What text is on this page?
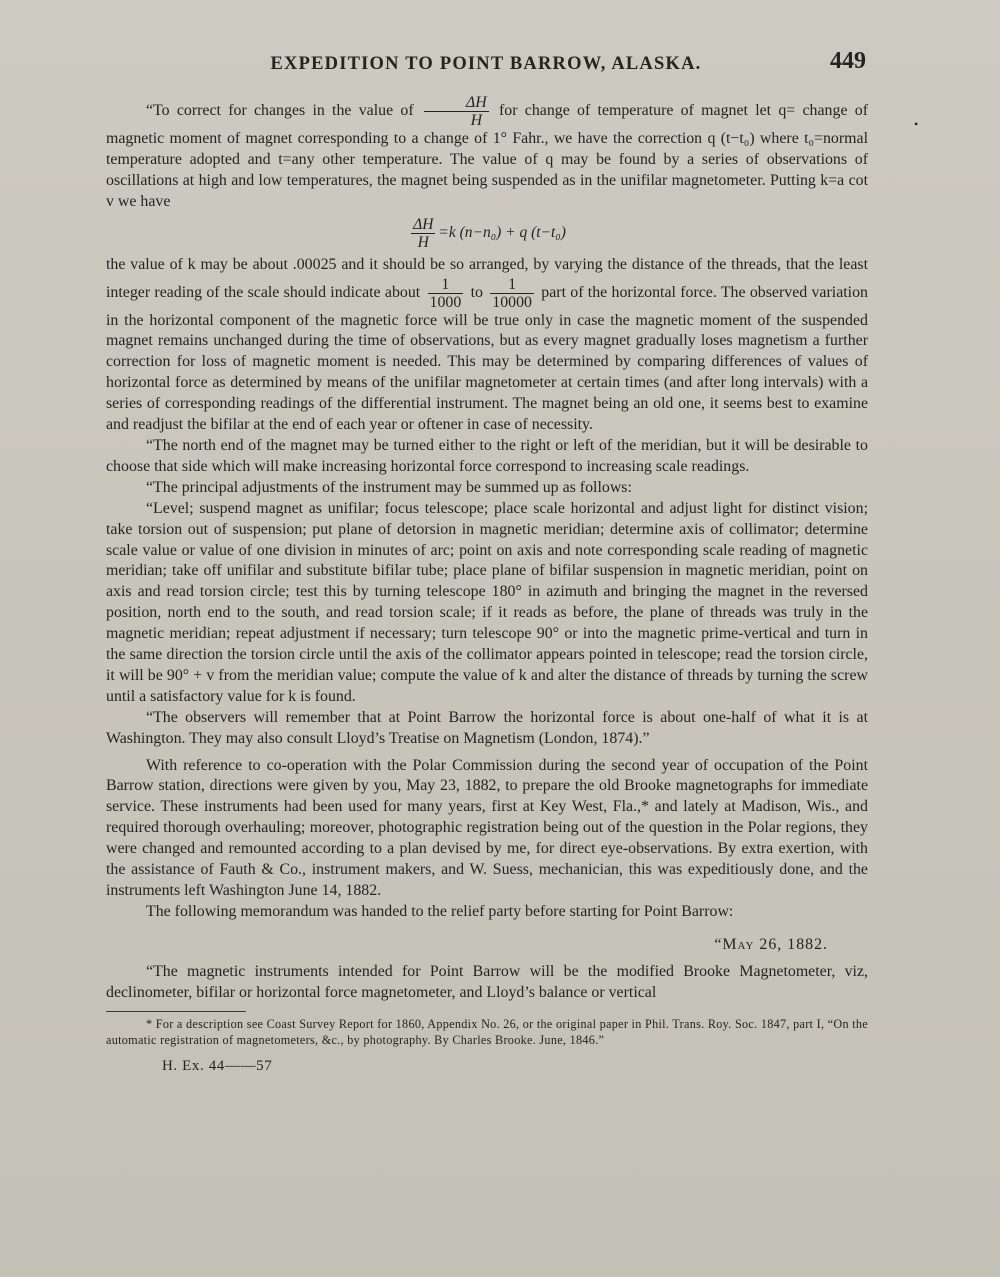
EXPEDITION TO POINT BARROW, ALASKA.	449
•

“To correct for changes in the value of $\frac{\Delta H}{H}$ for change of temperature of magnet let q= change of magnetic moment of magnet corresponding to a change of 1° Fahr., we have the correction q (t−t₀) where t₀=normal temperature adopted and t=any other temperature. The value of q may be found by a series of observations of oscillations at high and low temperatures, the magnet being suspended as in the unifilar magnetometer. Putting k=a cot v we have

$\frac{\Delta H}{H} =k$ (n−n₀) + q (t−t₀)

the value of k may be about .00025 and it should be so arranged, by varying the distance of the threads, that the least integer reading of the scale should indicate about $\frac{1}{1000}$ to $\frac{1}{10000}$ part of the horizontal force. The observed variation in the horizontal component of the magnetic force will be true only in case the magnetic moment of the suspended magnet remains unchanged during the time of observations, but as every magnet gradually loses magnetism a further correction for loss of magnetic moment is needed. This may be determined by comparing differences of values of horizontal force as determined by means of the unifilar magnetometer at certain times (and after long intervals) with a series of corresponding readings of the differential instrument. The magnet being an old one, it seems best to examine and readjust the bifilar at the end of each year or oftener in case of necessity.

“The north end of the magnet may be turned either to the right or left of the meridian, but it will be desirable to choose that side which will make increasing horizontal force correspond to increasing scale readings.

“The principal adjustments of the instrument may be summed up as follows:

“Level; suspend magnet as unifilar; focus telescope; place scale horizontal and adjust light for distinct vision; take torsion out of suspension; put plane of detorsion in magnetic meridian; determine axis of collimator; determine scale value or value of one division in minutes of arc; point on axis and note corresponding scale reading of magnetic meridian; take off unifilar and substitute bifilar tube; place plane of bifilar suspension in magnetic meridian, point on axis and read torsion circle; test this by turning telescope 180° in azimuth and bringing the magnet in the reversed position, north end to the south, and read torsion scale; if it reads as before, the plane of threads was truly in the magnetic meridian; repeat adjustment if necessary; turn telescope 90° or into the magnetic prime-vertical and turn in the same direction the torsion circle until the axis of the collimator appears pointed in telescope; read the torsion circle, it will be 90° + v from the meridian value; compute the value of k and alter the distance of threads by turning the screw until a satisfactory value for k is found.

“The observers will remember that at Point Barrow the horizontal force is about one-half of what it is at Washington. They may also consult Lloyd’s Treatise on Magnetism (London, 1874).”

With reference to co-operation with the Polar Commission during the second year of occupation of the Point Barrow station, directions were given by you, May 23, 1882, to prepare the old Brooke magnetographs for immediate service. These instruments had been used for many years, first at Key West, Fla.,* and lately at Madison, Wis., and required thorough overhauling; moreover, photographic registration being out of the question in the Polar regions, they were changed and remounted according to a plan devised by me, for direct eye-observations. By extra exertion, with the assistance of Fauth & Co., instrument makers, and W. Suess, mechanician, this was expeditiously done, and the instruments left Washington June 14, 1882.

The following memorandum was handed to the relief party before starting for Point Barrow:

“May 26, 1882.

“The magnetic instruments intended for Point Barrow will be the modified Brooke Magnetometer, viz, declinometer, bifilar or horizontal force magnetometer, and Lloyd’s balance or vertical

* For a description see Coast Survey Report for 1860, Appendix No. 26, or the original paper in Phil. Trans. Roy. Soc. 1847, part I, “On the automatic registration of magnetometers, &c., by photography. By Charles Brooke. June, 1846.”

H. Ex. 44——57
